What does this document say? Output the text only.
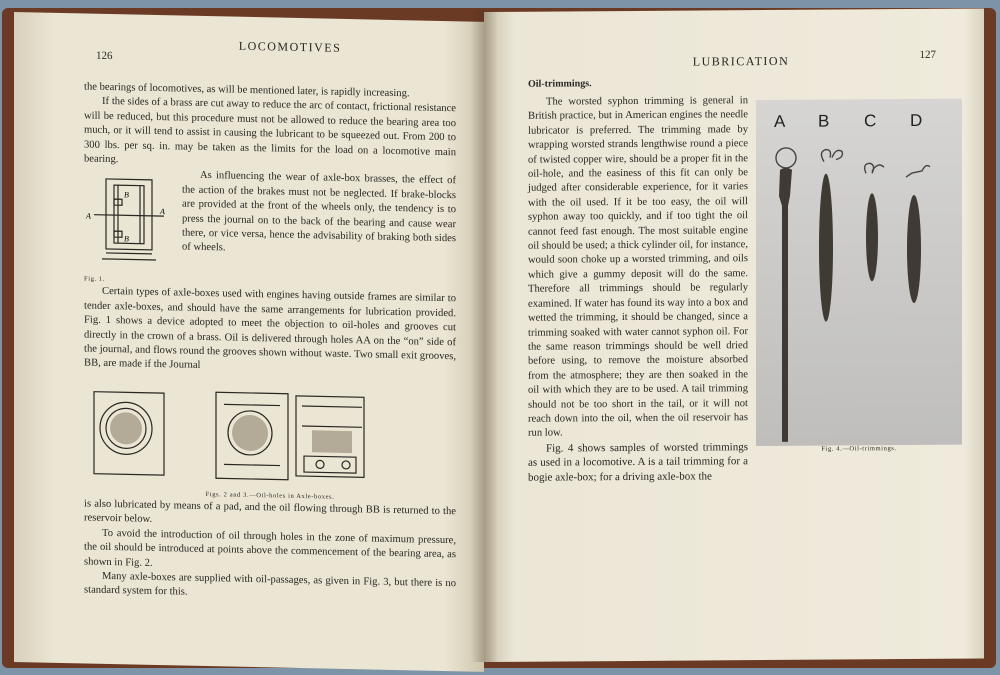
126
LOCOMOTIVES

the bearings of locomotives, as will be mentioned later, is rapidly increasing.

If the sides of a brass are cut away to reduce the arc of contact, frictional resistance will be reduced, but this procedure must not be allowed to reduce the bearing area too much, or it will tend to assist in causing the lubricant to be squeezed out. From 200 to 300 lbs. per sq. in. may be taken as the limits for the load on a locomotive main bearing.

B
B
A	A
Fig. 1.

As influencing the wear of axle-box brasses, the effect of the action of the brakes must not be neglected. If brake-blocks are provided at the front of the wheels only, the tendency is to press the journal on to the back of the bearing and cause wear there, or vice versa, hence the advisability of braking both sides of wheels.

Certain types of axle-boxes used with engines having outside frames are similar to tender axle-boxes, and should have the same arrangements for lubrication provided. Fig. 1 shows a device adopted to meet the objection to oil-holes and grooves cut directly in the crown of a brass. Oil is delivered through holes AA on the “on” side of the journal, and flows round the grooves shown without waste. Two small exit grooves, BB, are made if the Journal

Figs. 2 and 3.—Oil-holes in Axle-boxes.

is also lubricated by means of a pad, and the oil flowing through BB is returned to the reservoir below.

To avoid the introduction of oil through holes in the zone of maximum pressure, the oil should be introduced at points above the commencement of the bearing area, as shown in Fig. 2.

Many axle-boxes are supplied with oil-passages, as given in Fig. 3, but there is no standard system for this.

LUBRICATION	127
Oil-trimmings.
A B C D
Fig. 4.—Oil-trimmings.

The worsted syphon trimming is general in British practice, but in American engines the needle lubricator is preferred. The trimming made by wrapping worsted strands lengthwise round a piece of twisted copper wire, should be a proper fit in the oil-hole, and the easiness of this fit can only be judged after considerable experience, for it varies with the oil used. If it be too easy, the oil will syphon away too quickly, and if too tight the oil cannot feed fast enough. The most suitable engine oil should be used; a thick cylinder oil, for instance, would soon choke up a worsted trimming, and oils which give a gummy deposit will do the same. Therefore all trimmings should be regularly examined. If water has found its way into a box and wetted the trimming, it should be changed, since a trimming soaked with water cannot syphon oil. For the same reason trimmings should be well dried before using, to remove the moisture absorbed from the atmosphere; they are then soaked in the oil with which they are to be used. A tail trimming should not be too short in the tail, or it will not reach down into the oil, when the oil reservoir has run low.

Fig. 4 shows samples of worsted trimmings as used in a locomotive. A is a tail trimming for a bogie axle-box; for a driving axle-box the
